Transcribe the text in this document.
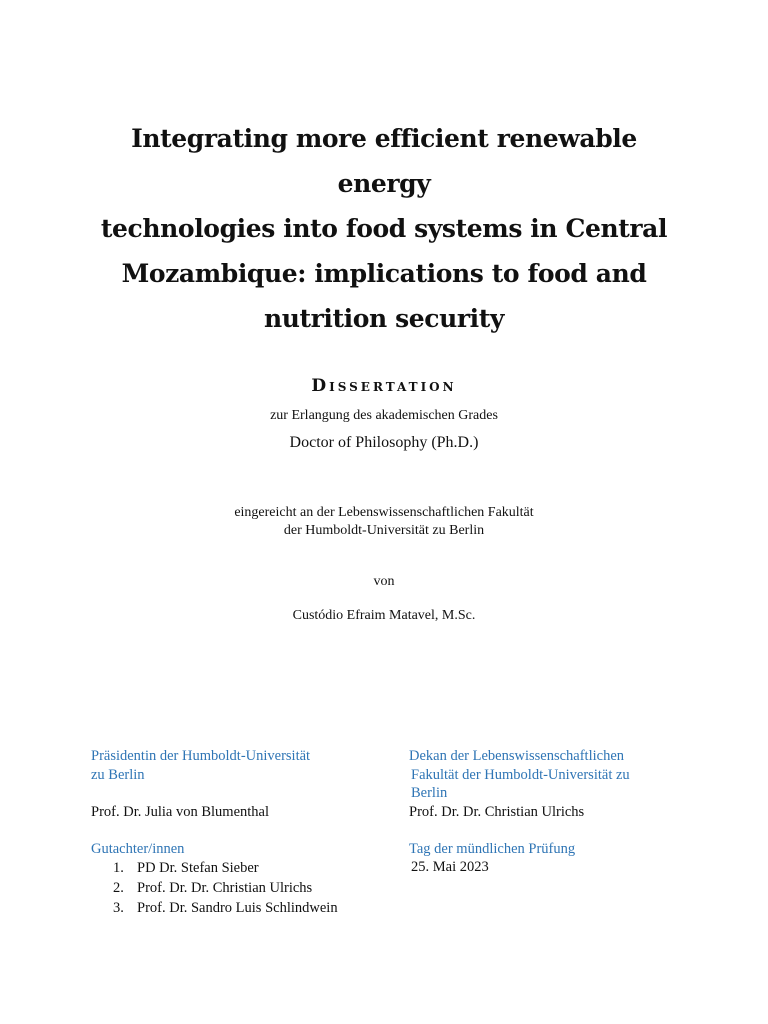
Integrating more efficient renewable energy
technologies into food systems in Central
Mozambique: implications to food and
nutrition security
Dissertation
zur Erlangung des akademischen Grades
Doctor of Philosophy (Ph.D.)
eingereicht an der Lebenswissenschaftlichen Fakultät
der Humboldt-Universität zu Berlin
von
Custódio Efraim Matavel, M.Sc.
Präsidentin der Humboldt-Universität
zu Berlin
Prof. Dr. Julia von Blumenthal
Dekan der Lebenswissenschaftlichen
Fakultät der Humboldt-Universität zu
Berlin
Prof. Dr. Dr. Christian Ulrichs
Gutachter/innen
1. PD Dr. Stefan Sieber
2. Prof. Dr. Dr. Christian Ulrichs
3. Prof. Dr. Sandro Luis Schlindwein
Tag der mündlichen Prüfung
25. Mai 2023
